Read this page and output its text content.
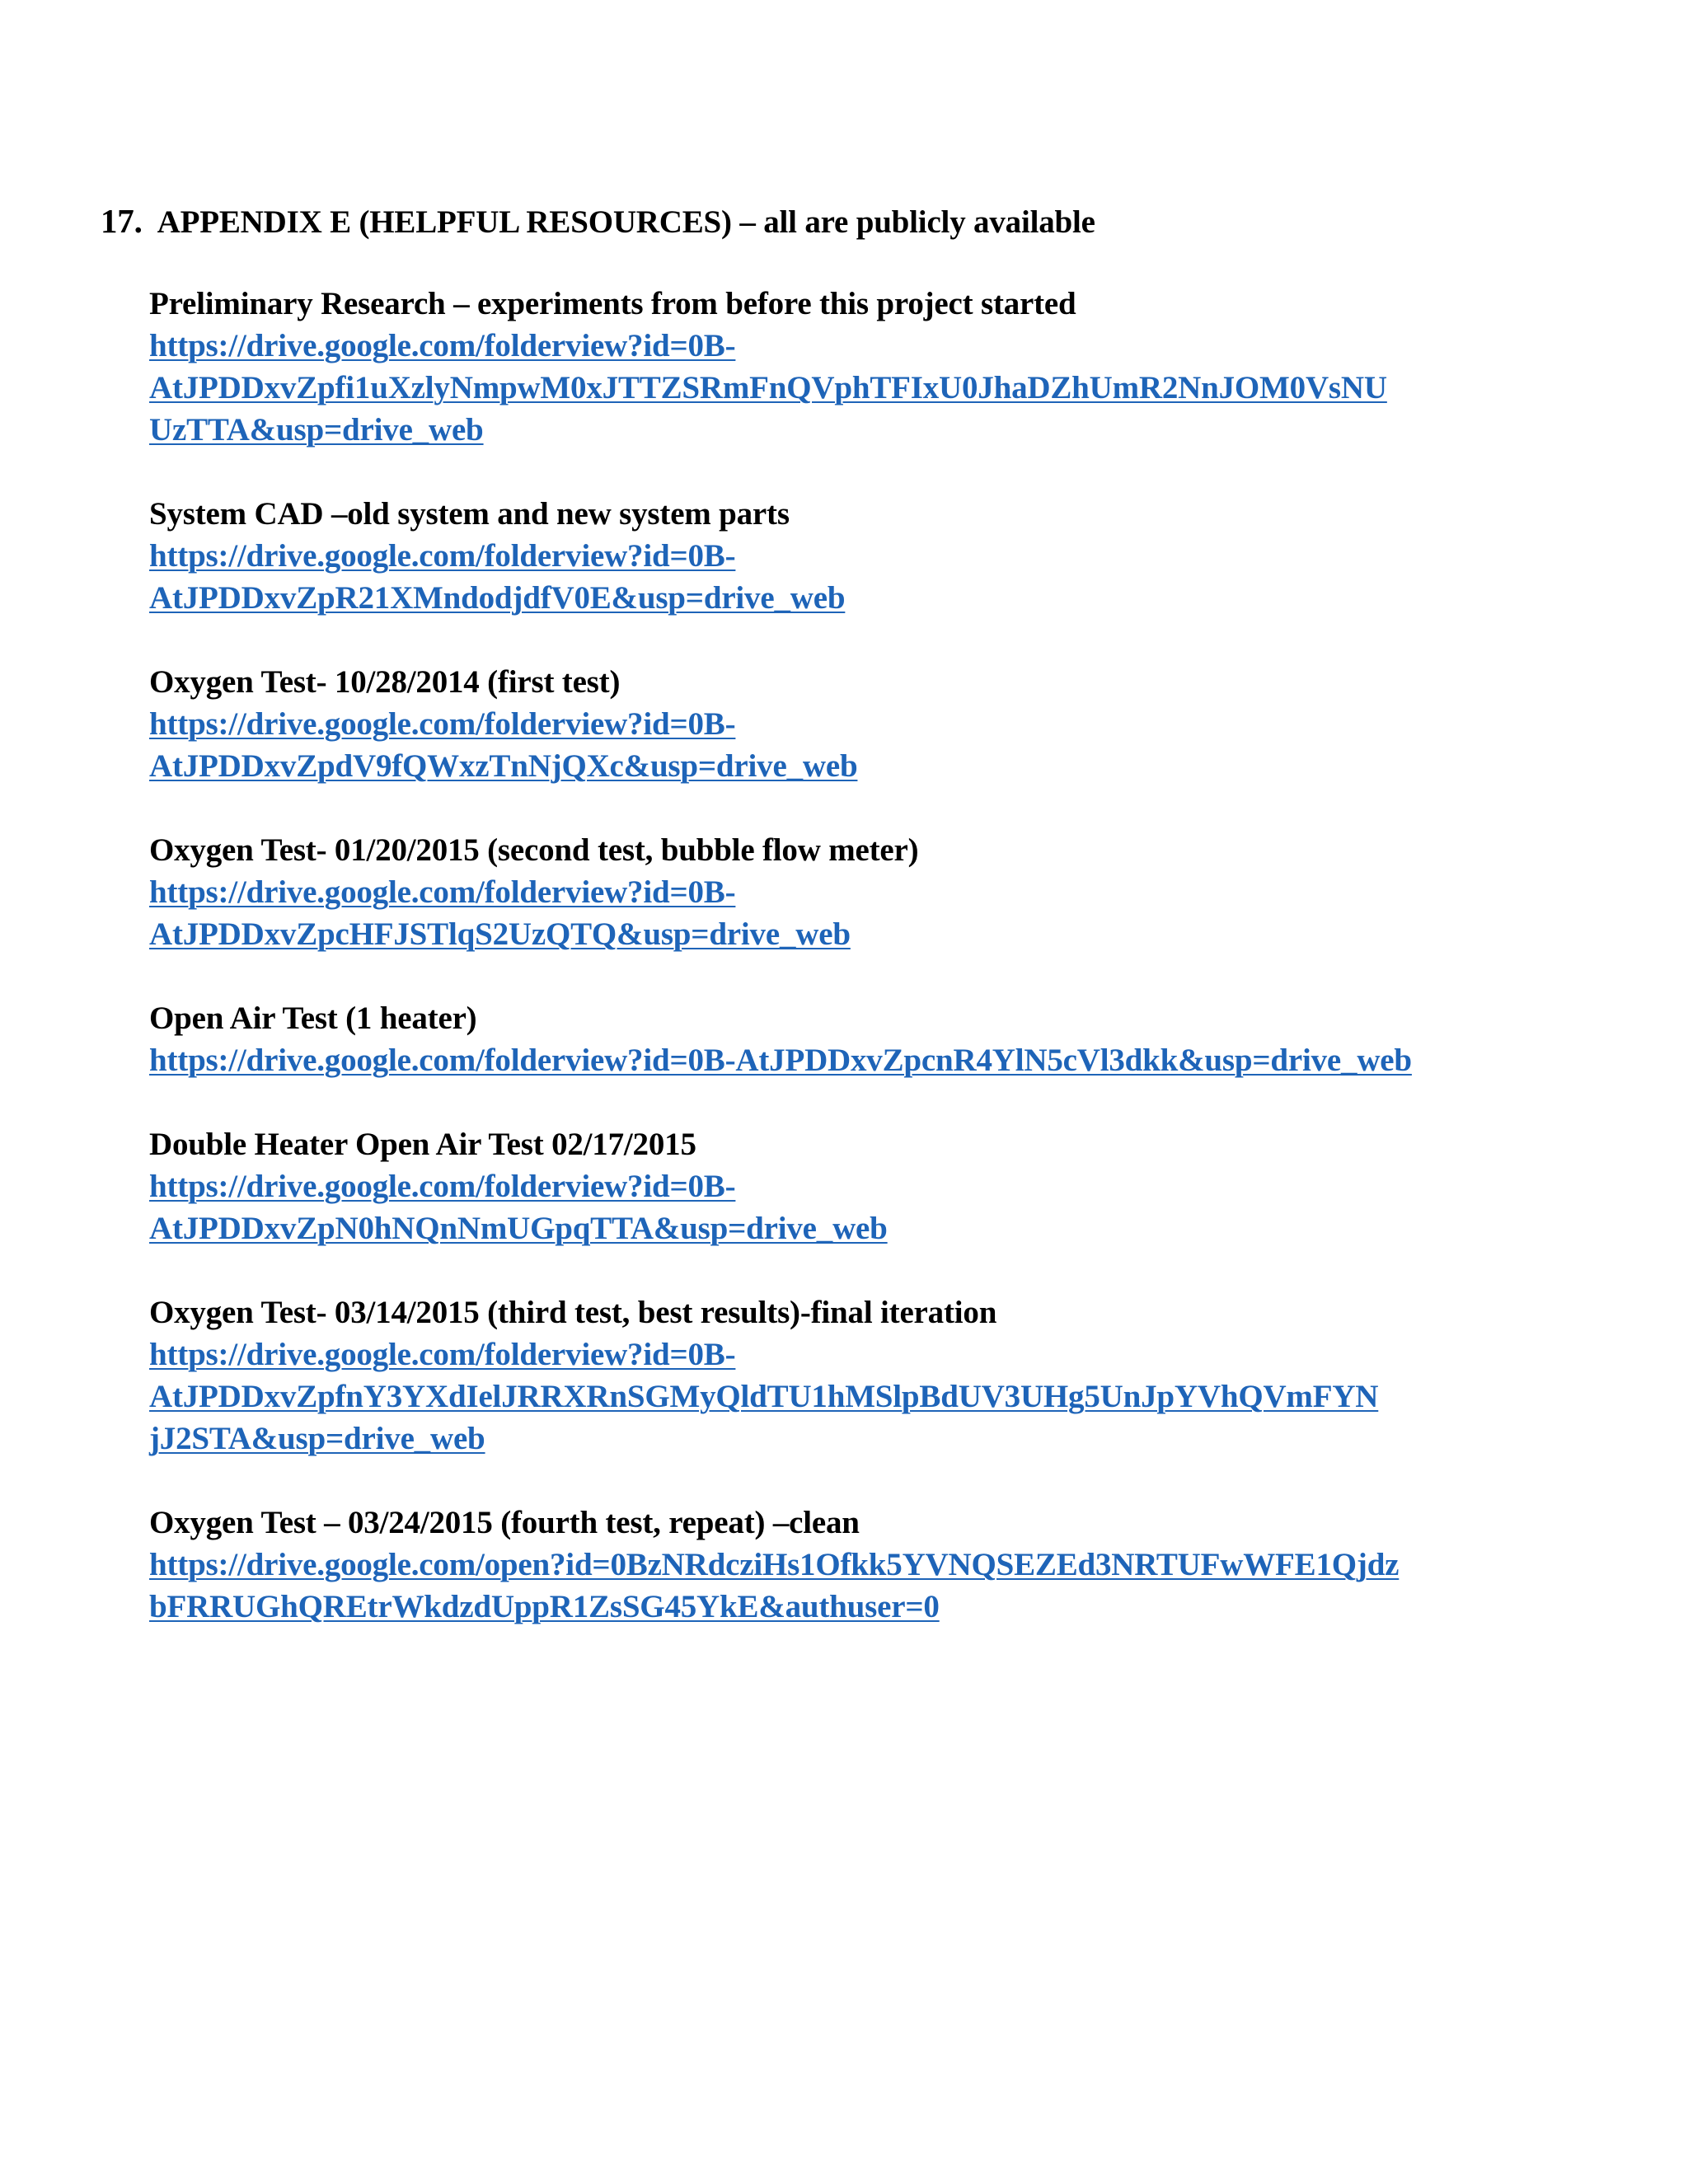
17. APPENDIX E (HELPFUL RESOURCES) – all are publicly available

Preliminary Research – experiments from before this project started

https://drive.google.com/folderview?id=0B-
AtJPDDxvZpfi1uXzlyNmpwM0xJTTZSRmFnQVphTFIxU0JhaDZhUmR2NnJOM0VsNU
UzTTA&usp=drive_web

System CAD –old system and new system parts

https://drive.google.com/folderview?id=0B-
AtJPDDxvZpR21XMndodjdfV0E&usp=drive_web

Oxygen Test- 10/28/2014 (first test)

https://drive.google.com/folderview?id=0B-
AtJPDDxvZpdV9fQWxzTnNjQXc&usp=drive_web

Oxygen Test- 01/20/2015 (second test, bubble flow meter)

https://drive.google.com/folderview?id=0B-
AtJPDDxvZpcHFJSTlqS2UzQTQ&usp=drive_web

Open Air Test (1 heater)

https://drive.google.com/folderview?id=0B-AtJPDDxvZpcnR4YlN5cVl3dkk&usp=drive_web

Double Heater Open Air Test 02/17/2015

https://drive.google.com/folderview?id=0B-
AtJPDDxvZpN0hNQnNmUGpqTTA&usp=drive_web

Oxygen Test- 03/14/2015 (third test, best results)-final iteration

https://drive.google.com/folderview?id=0B-
AtJPDDxvZpfnY3YXdIelJRRXRnSGMyQldTU1hMSlpBdUV3UHg5UnJpYVhQVmFYN
jJ2STA&usp=drive_web

Oxygen Test – 03/24/2015 (fourth test, repeat) –clean

https://drive.google.com/open?id=0BzNRdcziHs1Ofkk5YVNQSEZEd3NRTUFwWFE1Qjdz
bFRRUGhQREtrWkdzdUppR1ZsSG45YkE&authuser=0
